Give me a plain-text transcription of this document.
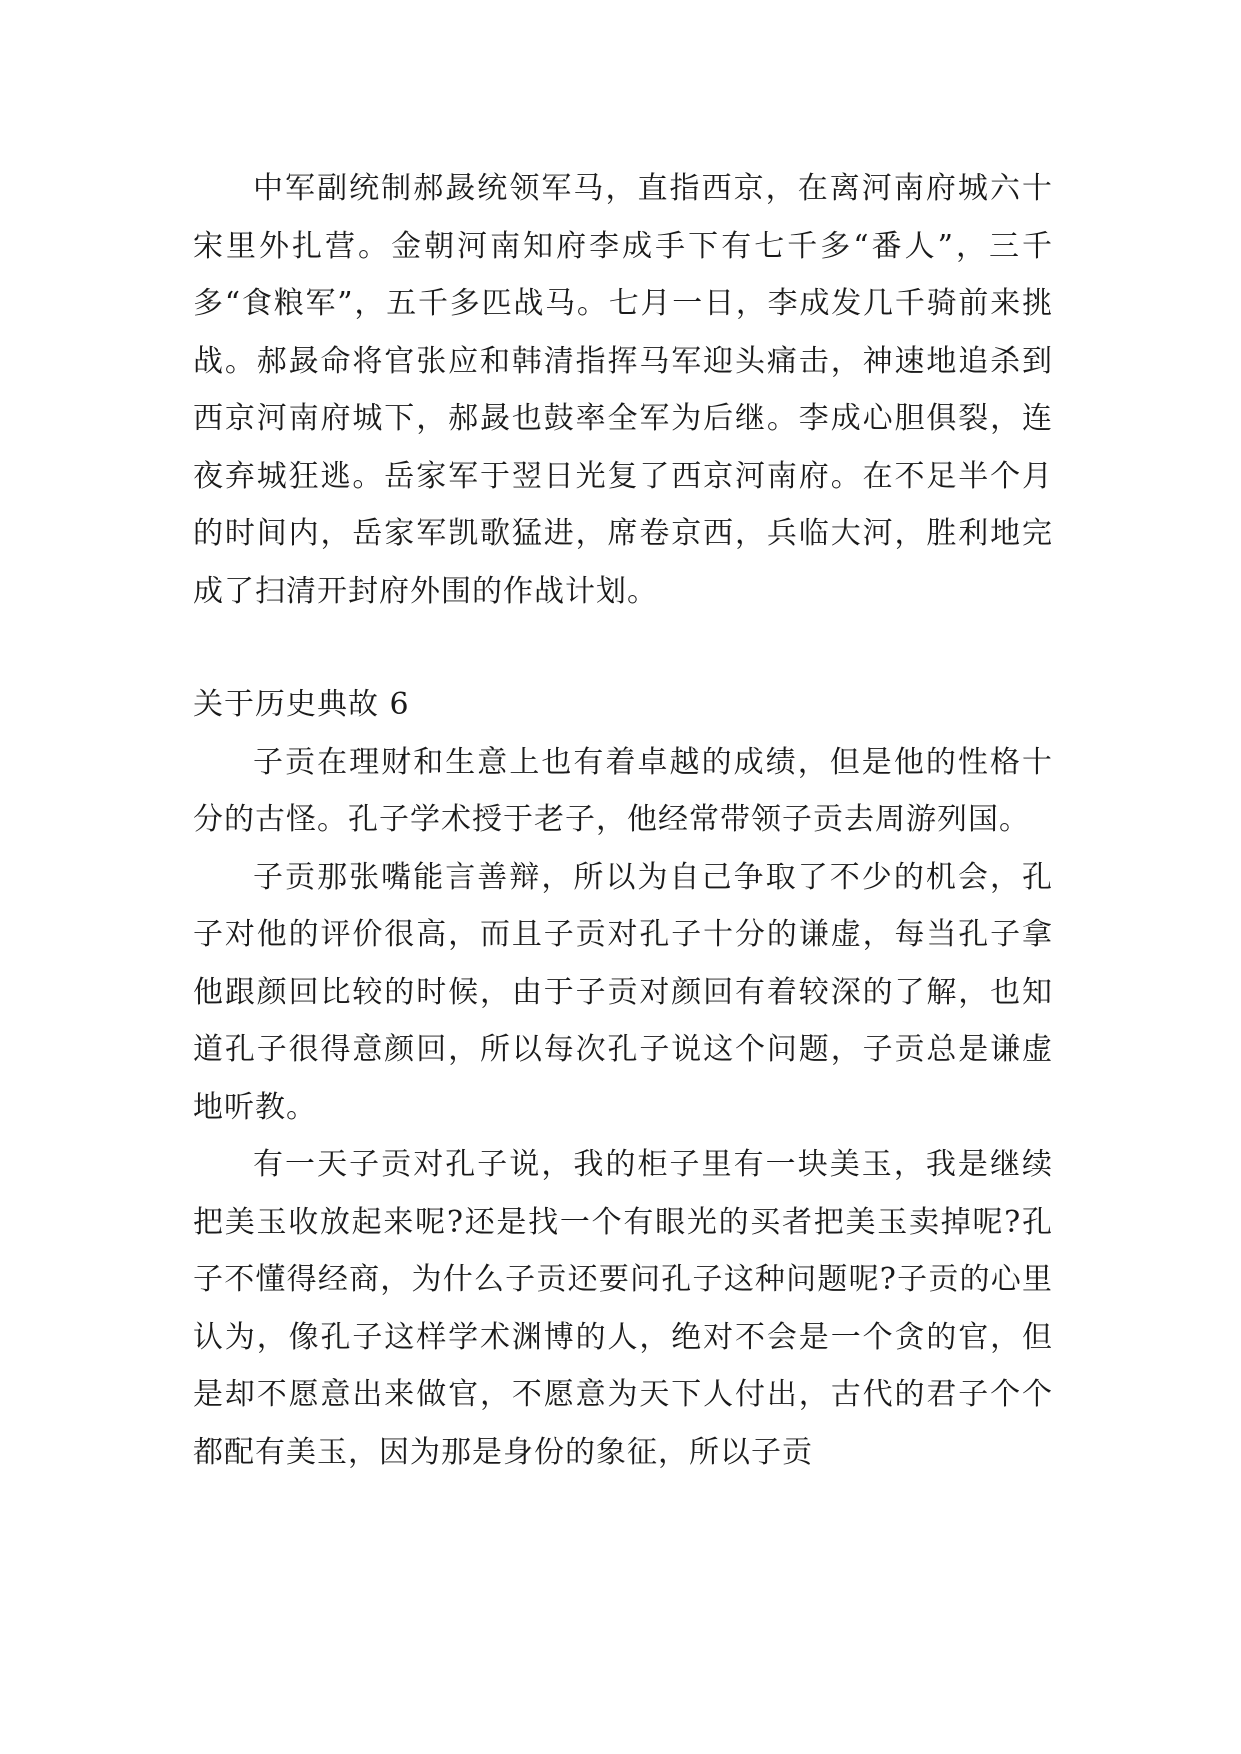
中军副统制郝晸统领军马，直指西京，在离河南府城六十宋里外扎营。金朝河南知府李成手下有七千多“番人”，三千多“食粮军”，五千多匹战马。七月一日，李成发几千骑前来挑战。郝晸命将官张应和韩清指挥马军迎头痛击，神速地追杀到西京河南府城下，郝晸也鼓率全军为后继。李成心胆俱裂，连夜弃城狂逃。岳家军于翌日光复了西京河南府。在不足半个月的时间内，岳家军凯歌猛进，席卷京西，兵临大河，胜利地完成了扫清开封府外围的作战计划。

关于历史典故 6

子贡在理财和生意上也有着卓越的成绩，但是他的性格十分的古怪。孔子学术授于老子，他经常带领子贡去周游列国。

子贡那张嘴能言善辩，所以为自己争取了不少的机会，孔子对他的评价很高，而且子贡对孔子十分的谦虚，每当孔子拿他跟颜回比较的时候，由于子贡对颜回有着较深的了解，也知道孔子很得意颜回，所以每次孔子说这个问题，子贡总是谦虚地听教。

有一天子贡对孔子说，我的柜子里有一块美玉，我是继续把美玉收放起来呢?还是找一个有眼光的买者把美玉卖掉呢?孔子不懂得经商，为什么子贡还要问孔子这种问题呢?子贡的心里认为，像孔子这样学术渊博的人，绝对不会是一个贪的官，但是却不愿意出来做官，不愿意为天下人付出，古代的君子个个都配有美玉，因为那是身份的象征，所以子贡
